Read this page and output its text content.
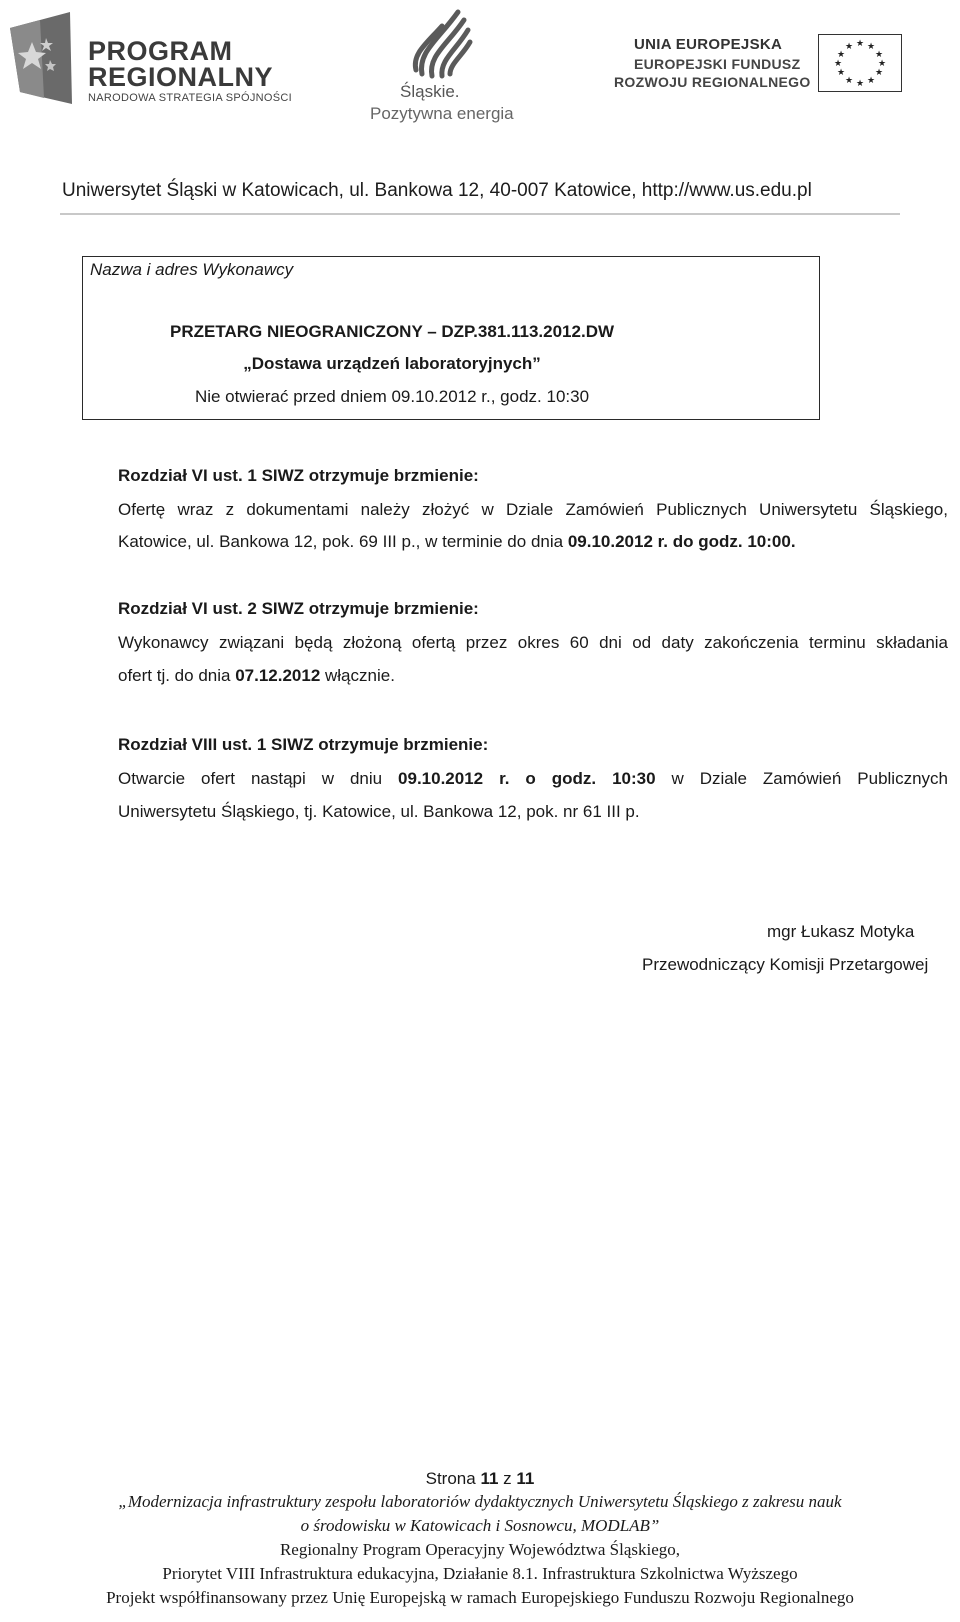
PROGRAM
REGIONALNY
NARODOWA STRATEGIA SPÓJNOŚCI	Śląskie.
Pozytywna energia
UNIA EUROPEJSKA
EUROPEJSKI FUNDUSZ
ROZWOJU REGIONALNEGO
★ ★
★
★
★
★
★
★
★
★
★
★
Uniwersytet Śląski w Katowicach, ul. Bankowa 12, 40-007 Katowice, http://www.us.edu.pl
Nazwa i adres Wykonawcy
PRZETARG NIEOGRANICZONY – DZP.381.113.2012.DW
„Dostawa urządzeń laboratoryjnych”
Nie otwierać przed dniem 09.10.2012 r., godz. 10:30
Rozdział VI ust. 1 SIWZ otrzymuje brzmienie:
Ofertę wraz z dokumentami należy złożyć w Dziale Zamówień Publicznych Uniwersytetu Śląskiego,
Katowice, ul. Bankowa 12, pok. 69 III p., w terminie do dnia 09.10.2012 r. do godz. 10:00.
Rozdział VI ust. 2 SIWZ otrzymuje brzmienie:
Wykonawcy związani będą złożoną ofertą przez okres 60 dni od daty zakończenia terminu składania
ofert tj. do dnia 07.12.2012 włącznie.
Rozdział VIII ust. 1 SIWZ otrzymuje brzmienie:
Otwarcie ofert nastąpi w dniu 09.10.2012 r. o godz. 10:30 w Dziale Zamówień Publicznych
Uniwersytetu Śląskiego, tj. Katowice, ul. Bankowa 12, pok. nr 61 III p.
mgr Łukasz Motyka
Przewodniczący Komisji Przetargowej
Strona 11 z 11
„Modernizacja infrastruktury zespołu laboratoriów dydaktycznych Uniwersytetu Śląskiego z zakresu nauk
o środowisku w Katowicach i Sosnowcu, MODLAB”
Regionalny Program Operacyjny Województwa Śląskiego,
Priorytet VIII Infrastruktura edukacyjna, Działanie 8.1. Infrastruktura Szkolnictwa Wyższego
Projekt współfinansowany przez Unię Europejską w ramach Europejskiego Funduszu Rozwoju Regionalnego
